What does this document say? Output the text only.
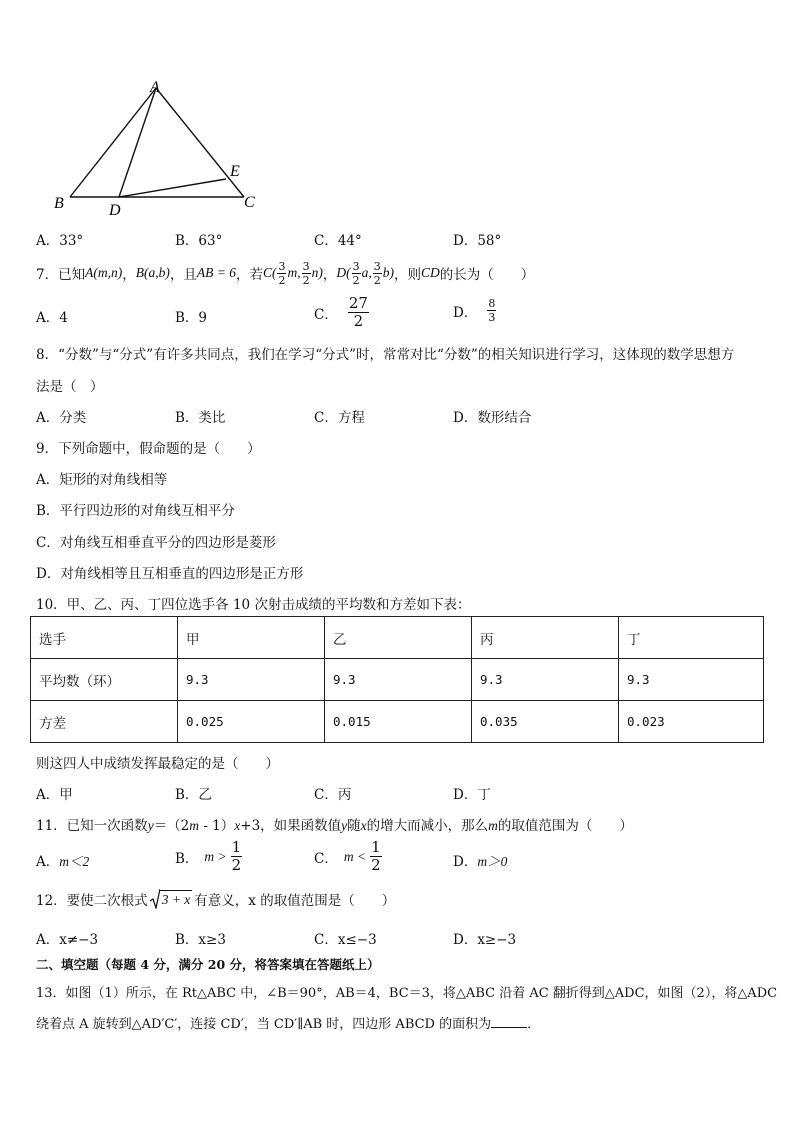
A
B	C
D
E
A．33°	B．63°	C．44°	D．58°
7．已知 A(m,n) ， B(a,b) ，且 AB = 6 ，若 $C( \frac{3}{2}$ m , $\frac{3}{2}$ n ) ， $D( \frac{3}{2}$ a , $\frac{3}{2}$ b ) ，则 CD 的长为（　　）
A．4	B．9	C． $\frac{27}{2}$	D． $\frac{8}{3}$
8．“分数”与“分式”有许多共同点，我们在学习“分式”时，常常对比“分数”的相关知识进行学习，这体现的数学思想方
法是（　）
A．分类	B．类比	C．方程	D．数形结合
9．下列命题中，假命题的是（　　）
A．矩形的对角线相等
B．平行四边形的对角线互相平分
C．对角线互相垂直平分的四边形是菱形
D．对角线相等且互相垂直的四边形是正方形
10．甲、乙、丙、丁四位选手各 10 次射击成绩的平均数和方差如下表：
选手	甲	乙	丙	丁
平均数（环）	9.3	9.3	9.3	9.3
方差	0.025	0.015	0.035	0.023
则这四人中成绩发挥最稳定的是（　　）
A．甲	B．乙	C．丙	D．丁
11．已知一次函数y＝（2m - 1）x+3，如果函数值y随x的增大而减小，那么m的取值范围为（　　）
A．m＜2	B． $m > \frac{1}{2}$	C． $m < \frac{1}{2}$	D．m＞0
12．要使二次根式 3 + x 有意义，x 的取值范围是（　　）
A．x≠−3	B．x≥3	C．x≤−3	D．x≥−3
二、填空题（每题 4 分，满分 20 分，将答案填在答题纸上）
13．如图（1）所示，在 Rt△ABC 中，∠B＝90°，AB＝4，BC＝3，将△ABC 沿着 AC 翻折得到△ADC，如图（2），将△ADC
绕着点 A 旋转到△AD′C′，连接 CD′，当 CD′∥AB 时，四边形 ABCD 的面积为	．
